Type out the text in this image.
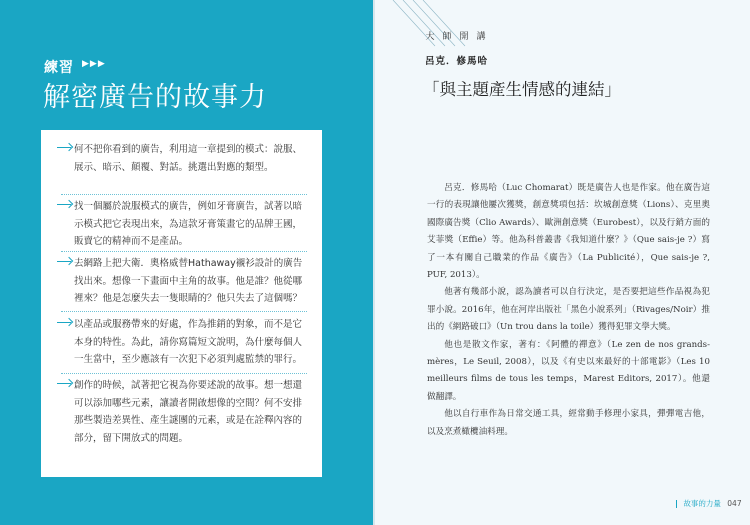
練習 ▶▶▶
解密廣告的故事力
何不把你看到的廣告，利用這一章提到的模式：說服、展示、暗示、顛覆、對話。挑選出對應的類型。
找一個屬於說服模式的廣告，例如牙膏廣告，試著以暗示模式把它表現出來，為這款牙膏策畫它的品牌王國，販賣它的精神而不是產品。
去網路上把大衛．奧格威替Hathaway襯衫設計的廣告找出來。想像一下畫面中主角的故事。他是誰？他從哪裡來？他是怎麼失去一隻眼睛的？他只失去了這個嗎？
以產品或服務帶來的好處，作為推銷的對象，而不是它本身的特性。為此，請你寫篇短文說明，為什麼每個人一生當中，至少應該有一次犯下必須判處監禁的罪行。
創作的時候，試著把它視為你要述說的故事。想一想還可以添加哪些元素，讓讀者開啟想像的空間？何不安排那些製造差異性、產生謎團的元素，或是在詮釋內容的部分，留下開放式的問題。
大 師 開 講
呂克．修馬哈
「與主題產生情感的連結」

呂克．修馬哈（Luc Chomarat）既是廣告人也是作家。他在廣告這一行的表現讓他屢次獲獎，創意獎項包括：坎城創意獎（Lions）、克里奧國際廣告獎（Clio Awards）、歐洲創意獎（Eurobest），以及行銷方面的艾菲獎（Effie）等。他為科普叢書《我知道什麼？》（Que sais-je ?）寫了一本有關自己職業的作品《廣告》（La Publicité），Que sais-je ?, PUF, 2013）。

他著有幾部小說，認為讀者可以自行決定，是否要把這些作品視為犯罪小說。2016年，他在河岸出版社「黑色小說系列」（Rivages/Noir）推出的《網路破口》（Un trou dans la toile）獲得犯罪文學大獎。

他也是散文作家，著有：《阿體的禪意》（Le zen de nos grands-mères，Le Seuil, 2008），以及《有史以來最好的十部電影》（Les 10 meilleurs films de tous les temps，Marest Editors, 2017）。他還做翻譯。

他以自行車作為日常交通工具，經常動手修理小家具，彈彈電吉他，以及烹煮橄欖油料理。

故事的力量 047
